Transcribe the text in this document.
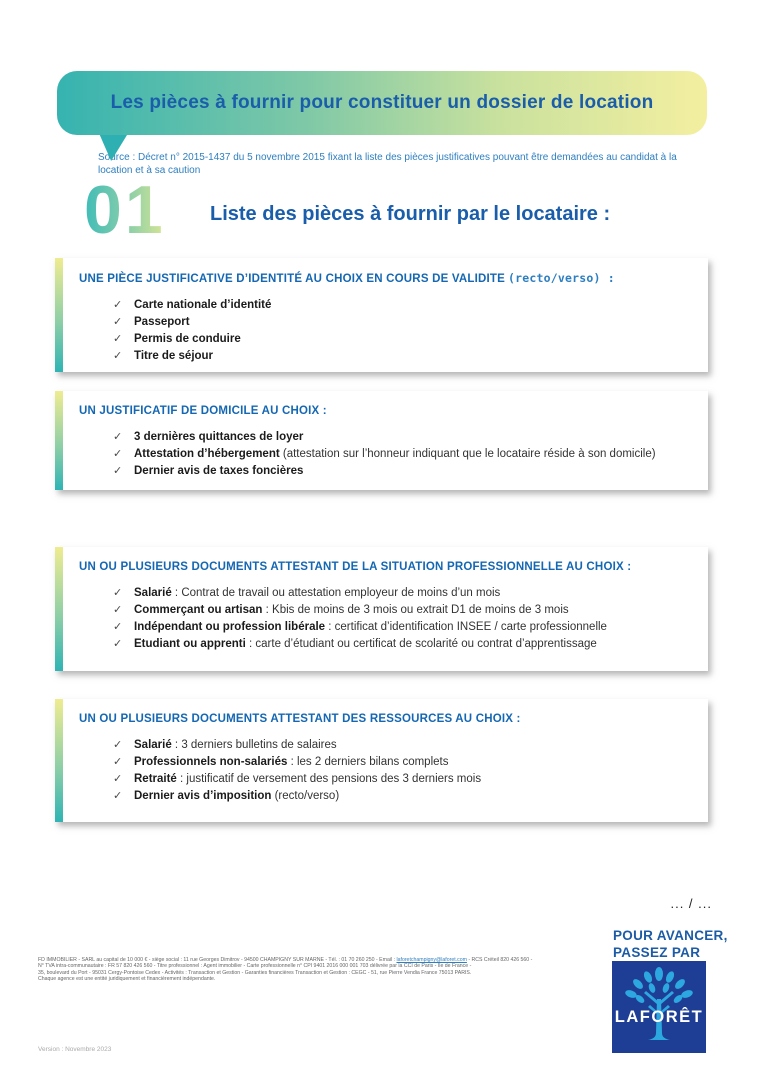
Les pièces à fournir pour constituer un dossier de location
Source : Décret n° 2015-1437 du 5 novembre 2015 fixant la liste des pièces justificatives pouvant être demandées au candidat à la location et à sa caution
01 Liste des pièces à fournir par le locataire :
UNE PIÈCE JUSTIFICATIVE D’IDENTITÉ AU CHOIX EN COURS DE VALIDITE (recto/verso) :
✓	Carte nationale d’identité
✓	Passeport
✓	Permis de conduire
✓	Titre de séjour
UN JUSTIFICATIF DE DOMICILE AU CHOIX :
✓	3 dernières quittances de loyer
✓	Attestation d’hébergement (attestation sur l’honneur indiquant que le locataire réside à son domicile)
✓	Dernier avis de taxes foncières
UN OU PLUSIEURS DOCUMENTS ATTESTANT DE LA SITUATION PROFESSIONNELLE AU CHOIX :
✓	Salarié : Contrat de travail ou attestation employeur de moins d’un mois
✓	Commerçant ou artisan : Kbis de moins de 3 mois ou extrait D1 de moins de 3 mois
✓	Indépendant ou profession libérale : certificat d’identification INSEE / carte professionnelle
✓	Etudiant ou apprenti : carte d’étudiant ou certificat de scolarité ou contrat d’apprentissage
UN OU PLUSIEURS DOCUMENTS ATTESTANT DES RESSOURCES AU CHOIX :
✓	Salarié : 3 derniers bulletins de salaires
✓	Professionnels non-salariés : les 2 derniers bilans complets
✓	Retraité : justificatif de versement des pensions des 3 derniers mois
✓	Dernier avis d’imposition (recto/verso)
... / ...
POUR AVANCER,
PASSEZ PAR
LAFORÊT
FD IMMOBILIER - SARL au capital de 10 000 € - siège social : 11 rue Georges Dimitrov - 94500 CHAMPIGNY SUR MARNE - Tél. : 01 70 260 250 - Email : laforetchampigny@laforet.com - RCS Créteil 820 426 560 -
N° TVA intra-communautaire : FR 57 820 426 560 - Titre professionnel : Agent immobilier - Carte professionnelle n° CPI 9401 2016 000 001 703 délivrée par la CCI de Paris - Ile de France -
35, boulevard du Port - 95031 Cergy-Pontoise Cedex - Activités : Transaction et Gestion - Garanties financières Transaction et Gestion : CEGC - 51, rue Pierre Vendia France 75013 PARIS.
Chaque agence est une entité juridiquement et financièrement indépendante.
Version : Novembre 2023
